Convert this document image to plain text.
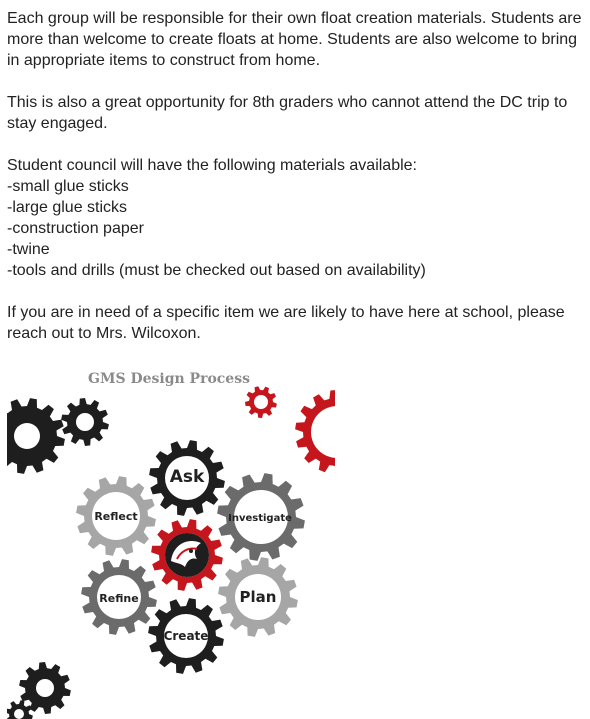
Each group will be responsible for their own float creation materials. Students are more than welcome to create floats at home. Students are also welcome to bring in appropriate items to construct from home.

This is also a great opportunity for 8th graders who cannot attend the DC trip to stay engaged.

Student council will have the following materials available:
-small glue sticks
-large glue sticks
-construction paper
-twine
-tools and drills (must be checked out based on availability)

If you are in need of a specific item we are likely to have here at school, please reach out to Mrs. Wilcoxon.

GMS Design Process
Ask
Investigate
Plan
Create
Refine
Reflect
